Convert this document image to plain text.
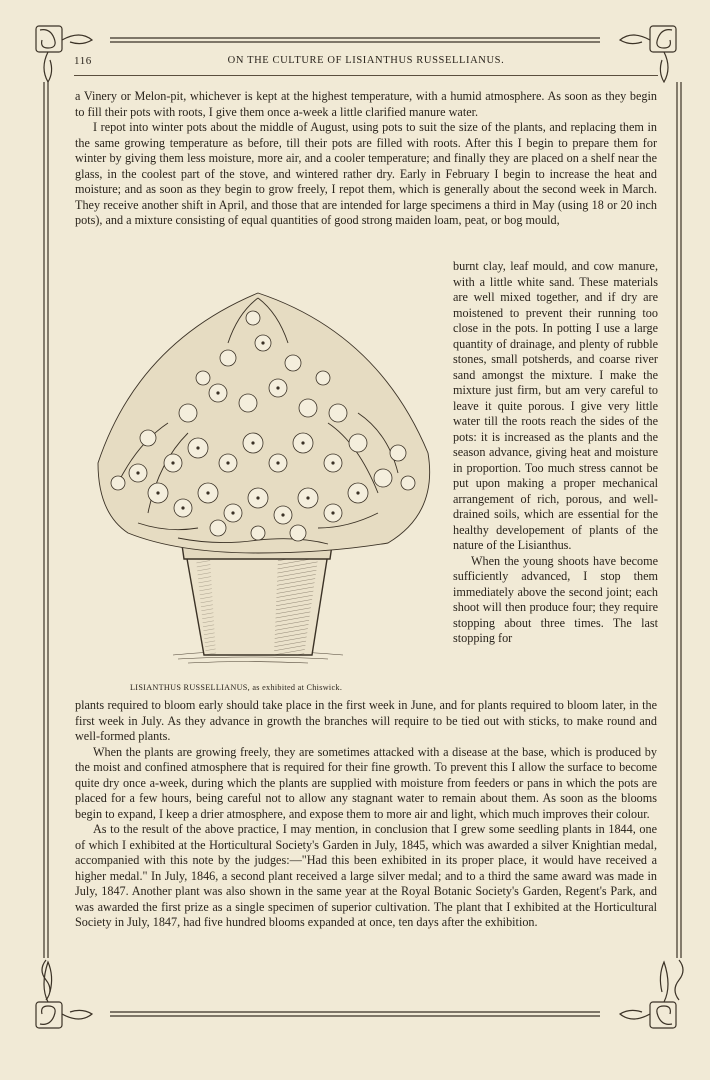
116	ON THE CULTURE OF LISIANTHUS RUSSELLIANUS.

a Vinery or Melon-pit, whichever is kept at the highest temperature, with a humid atmosphere. As soon as they begin to fill their pots with roots, I give them once a-week a little clarified manure water.

I repot into winter pots about the middle of August, using pots to suit the size of the plants, and replacing them in the same growing temperature as before, till their pots are filled with roots. After this I begin to prepare them for winter by giving them less moisture, more air, and a cooler temperature; and finally they are placed on a shelf near the glass, in the coolest part of the stove, and wintered rather dry. Early in February I begin to increase the heat and moisture; and as soon as they begin to grow freely, I repot them, which is generally about the second week in March. They receive another shift in April, and those that are intended for large specimens a third in May (using 18 or 20 inch pots), and a mixture consisting of equal quantities of good strong maiden loam, peat, or bog mould,

LISIANTHUS RUSSELLIANUS, as exhibited at Chiswick.

burnt clay, leaf mould, and cow manure, with a little white sand. These materials are well mixed together, and if dry are moistened to prevent their running too close in the pots. In potting I use a large quantity of drainage, and plenty of rubble stones, small potsherds, and coarse river sand amongst the mixture. I make the mixture just firm, but am very careful to leave it quite porous. I give very little water till the roots reach the sides of the pots: it is increased as the plants and the season advance, giving heat and moisture in proportion. Too much stress cannot be put upon making a proper mechanical arrangement of rich, porous, and well-drained soils, which are essential for the healthy developement of plants of the nature of the Lisianthus.

When the young shoots have become sufficiently advanced, I stop them immediately above the second joint; each shoot will then produce four; they require stopping about three times. The last stopping for

plants required to bloom early should take place in the first week in June, and for plants required to bloom later, in the first week in July. As they advance in growth the branches will require to be tied out with sticks, to make round and well-formed plants.

When the plants are growing freely, they are sometimes attacked with a disease at the base, which is produced by the moist and confined atmosphere that is required for their fine growth. To prevent this I allow the surface to become quite dry once a-week, during which the plants are supplied with moisture from feeders or pans in which the pots are placed for a few hours, being careful not to allow any stagnant water to remain about them. As soon as the blooms begin to expand, I keep a drier atmosphere, and expose them to more air and light, which much improves their colour.

As to the result of the above practice, I may mention, in conclusion that I grew some seedling plants in 1844, one of which I exhibited at the Horticultural Society's Garden in July, 1845, which was awarded a silver Knightian medal, accompanied with this note by the judges:—"Had this been exhibited in its proper place, it would have received a higher medal." In July, 1846, a second plant received a large silver medal; and to a third the same award was made in July, 1847. Another plant was also shown in the same year at the Royal Botanic Society's Garden, Regent's Park, and was awarded the first prize as a single specimen of superior cultivation. The plant that I exhibited at the Horticultural Society in July, 1847, had five hundred blooms expanded at once, ten days after the exhibition.
